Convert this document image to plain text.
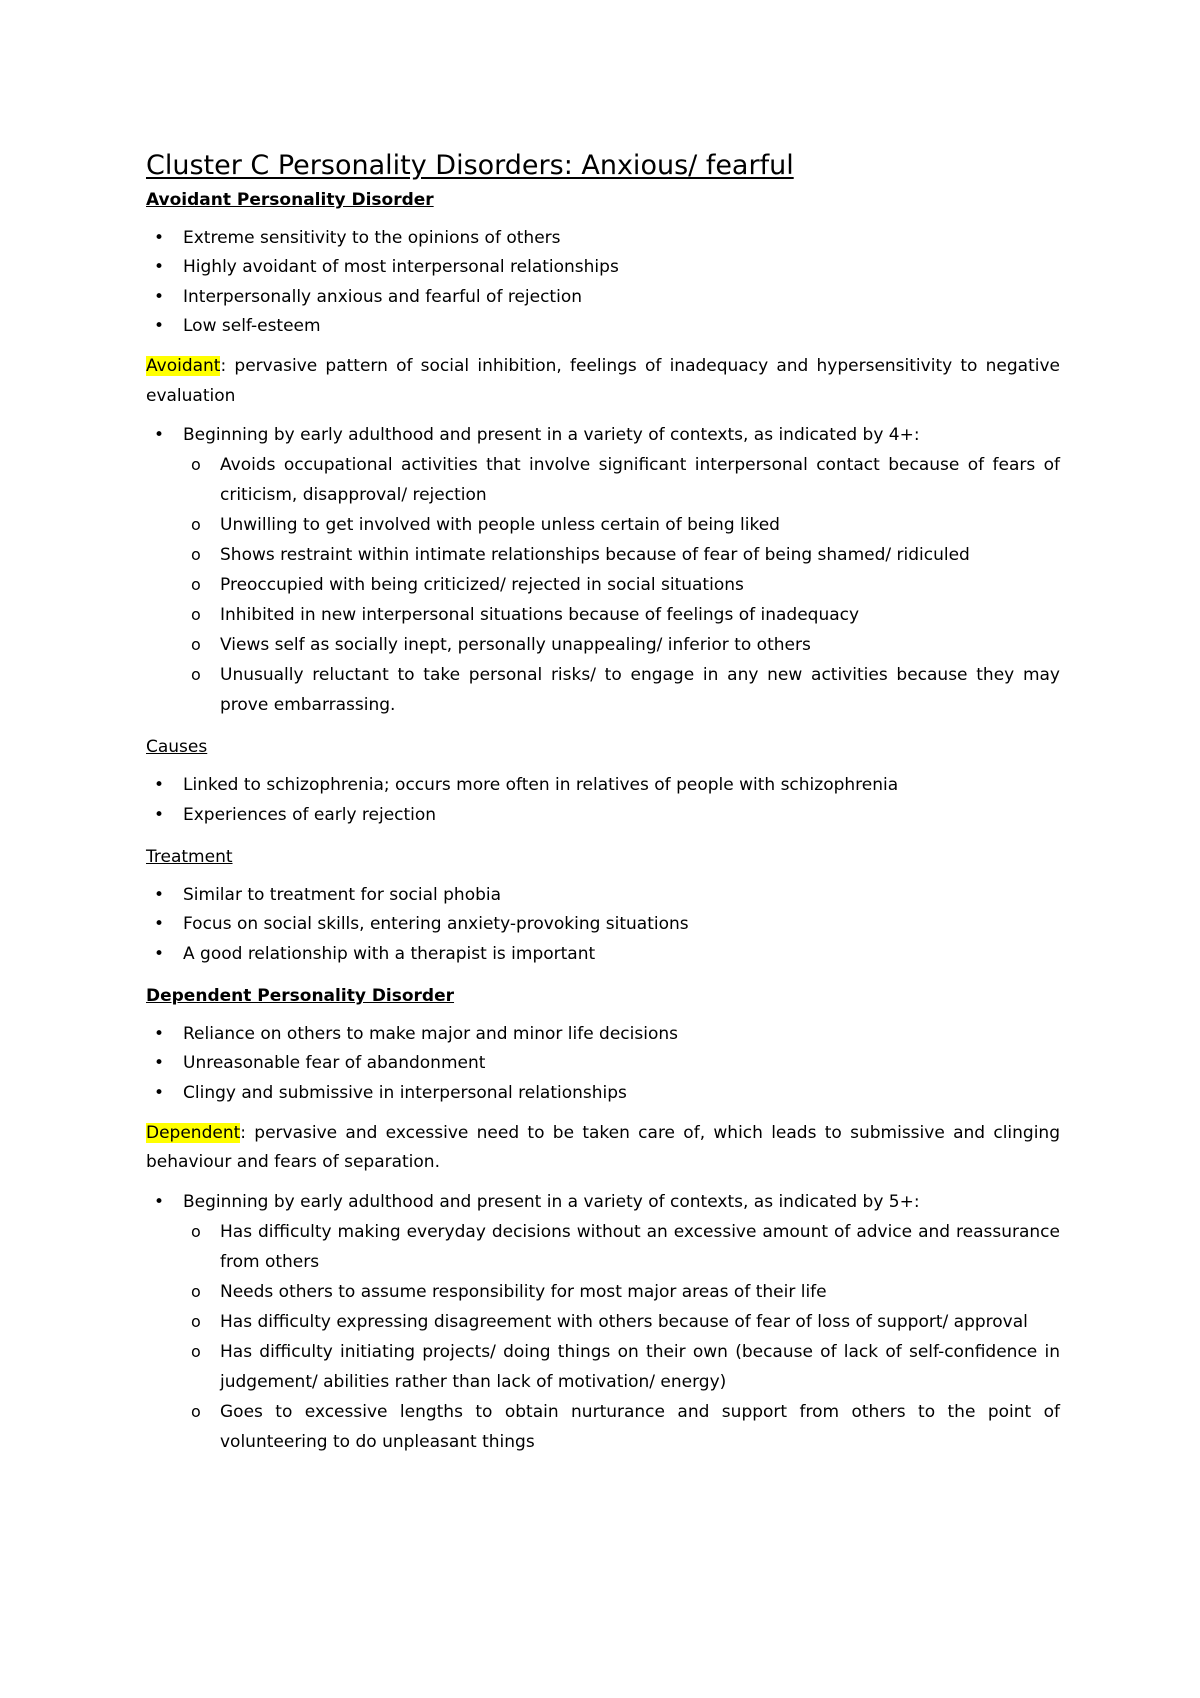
Cluster C Personality Disorders: Anxious/ fearful
Avoidant Personality Disorder
• Extreme sensitivity to the opinions of others
• Highly avoidant of most interpersonal relationships
• Interpersonally anxious and fearful of rejection
• Low self-esteem

Avoidant: pervasive pattern of social inhibition, feelings of inadequacy and hypersensitivity to negative evaluation

• Beginning by early adulthood and present in a variety of contexts, as indicated by 4+:
o Avoids occupational activities that involve significant interpersonal contact because of fears of criticism, disapproval/ rejection
o Unwilling to get involved with people unless certain of being liked
o Shows restraint within intimate relationships because of fear of being shamed/ ridiculed
o Preoccupied with being criticized/ rejected in social situations
o Inhibited in new interpersonal situations because of feelings of inadequacy
o Views self as socially inept, personally unappealing/ inferior to others
o Unusually reluctant to take personal risks/ to engage in any new activities because they may prove embarrassing.
Causes
• Linked to schizophrenia; occurs more often in relatives of people with schizophrenia
• Experiences of early rejection
Treatment
• Similar to treatment for social phobia
• Focus on social skills, entering anxiety-provoking situations
• A good relationship with a therapist is important
Dependent Personality Disorder
• Reliance on others to make major and minor life decisions
• Unreasonable fear of abandonment
• Clingy and submissive in interpersonal relationships

Dependent: pervasive and excessive need to be taken care of, which leads to submissive and clinging behaviour and fears of separation.

• Beginning by early adulthood and present in a variety of contexts, as indicated by 5+:
o Has difficulty making everyday decisions without an excessive amount of advice and reassurance from others
o Needs others to assume responsibility for most major areas of their life
o Has difficulty expressing disagreement with others because of fear of loss of support/ approval
o Has difficulty initiating projects/ doing things on their own (because of lack of self-confidence in judgement/ abilities rather than lack of motivation/ energy)
o Goes to excessive lengths to obtain nurturance and support from others to the point of volunteering to do unpleasant things
